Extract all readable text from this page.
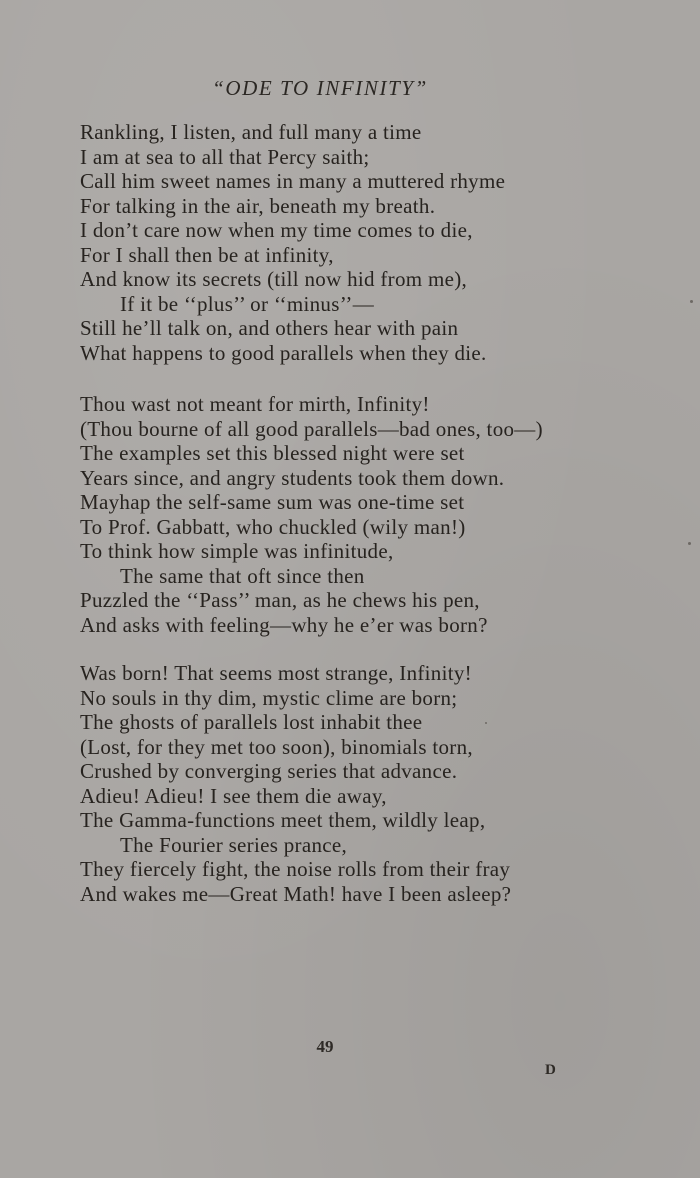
“ODE TO INFINITY”
Rankling, I listen, and full many a time
I am at sea to all that Percy saith;
Call him sweet names in many a muttered rhyme
For talking in the air, beneath my breath.
I don’t care now when my time comes to die,
For I shall then be at infinity,
And know its secrets (till now hid from me),
If it be ‘‘plus’’ or ‘‘minus’’—
Still he’ll talk on, and others hear with pain
What happens to good parallels when they die.
Thou wast not meant for mirth, Infinity!
(Thou bourne of all good parallels—bad ones, too—)
The examples set this blessed night were set
Years since, and angry students took them down.
Mayhap the self-same sum was one-time set
To Prof. Gabbatt, who chuckled (wily man!)
To think how simple was infinitude,
The same that oft since then
Puzzled the ‘‘Pass’’ man, as he chews his pen,
And asks with feeling—why he e’er was born?
Was born! That seems most strange, Infinity!
No souls in thy dim, mystic clime are born;
The ghosts of parallels lost inhabit thee
(Lost, for they met too soon), binomials torn,
Crushed by converging series that advance.
Adieu! Adieu! I see them die away,
The Gamma-functions meet them, wildly leap,
The Fourier series prance,
They fiercely fight, the noise rolls from their fray
And wakes me—Great Math! have I been asleep?
49
D
